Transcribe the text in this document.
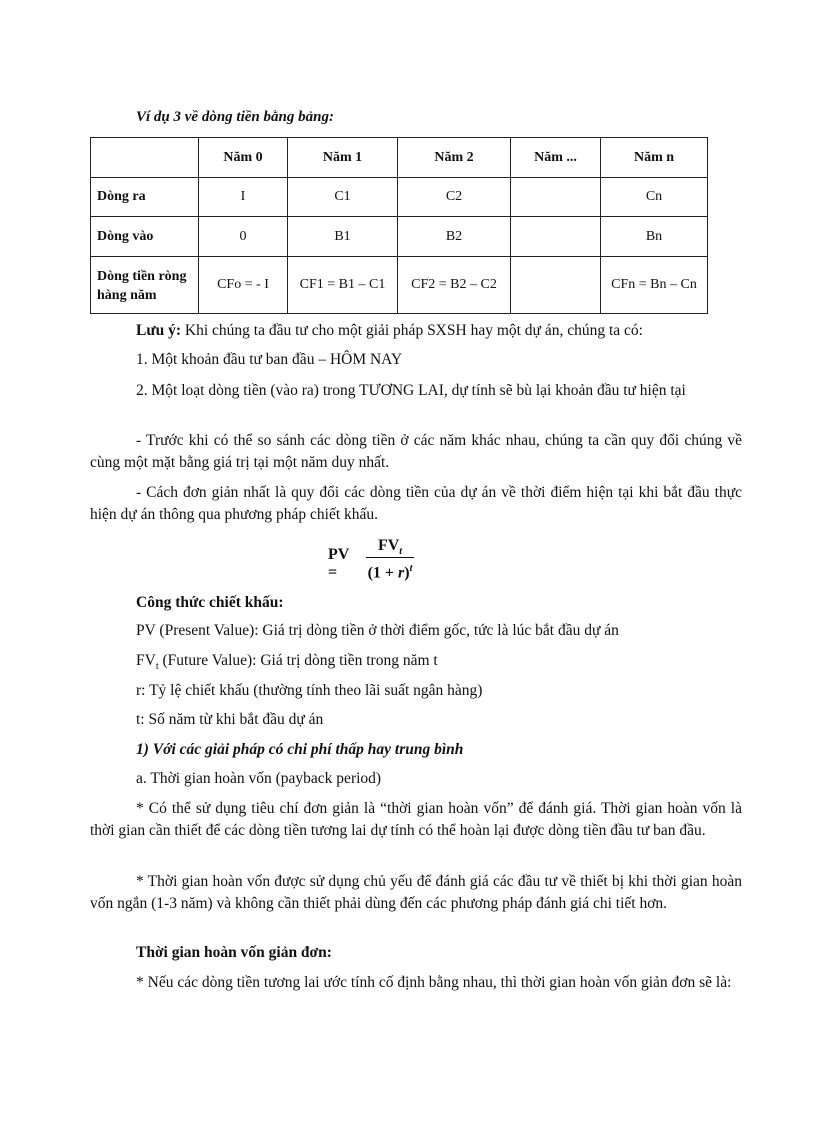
Ví dụ 3 về dòng tiền bằng bảng:
	Năm 0	Năm 1	Năm 2	Năm ...	Năm n
Dòng ra	I	C1	C2		Cn
Dòng vào	0	B1	B2		Bn
Dòng tiền ròng hàng năm	CFo = - I	CF1 = B1 – C1	CF2 = B2 – C2		CFn = Bn – Cn
Lưu ý: Khi chúng ta đầu tư cho một giải pháp SXSH hay một dự án, chúng ta có:
1. Một khoản đầu tư ban đầu – HÔM NAY
2. Một loạt dòng tiền (vào ra) trong TƯƠNG LAI, dự tính sẽ bù lại khoản đầu tư hiện tại
- Trước khi có thể so sánh các dòng tiền ở các năm khác nhau, chúng ta cần quy đổi chúng về cùng một mặt bằng giá trị tại một năm duy nhất.
- Cách đơn giản nhất là quy đổi các dòng tiền của dự án về thời điểm hiện tại khi bắt đầu thực hiện dự án thông qua phương pháp chiết khấu.
PV =
$FV_t$
$(1 + r)^t$
Công thức chiết khấu:
PV (Present Value): Giá trị dòng tiền ở thời điểm gốc, tức là lúc bắt đầu dự án
$FV_t$ (Future Value): Giá trị dòng tiền trong năm t
r: Tỷ lệ chiết khấu (thường tính theo lãi suất ngân hàng)
t: Số năm từ khi bắt đầu dự án
1) Với các giải pháp có chi phí thấp hay trung bình
a. Thời gian hoàn vốn (payback period)
* Có thể sử dụng tiêu chí đơn giản là “thời gian hoàn vốn” để đánh giá. Thời gian hoàn vốn là thời gian cần thiết để các dòng tiền tương lai dự tính có thể hoàn lại được dòng tiền đầu tư ban đầu.
* Thời gian hoàn vốn được sử dụng chủ yếu để đánh giá các đầu tư về thiết bị khi thời gian hoàn vốn ngắn (1-3 năm) và không cần thiết phải dùng đến các phương pháp đánh giá chi tiết hơn.
Thời gian hoàn vốn giản đơn:
* Nếu các dòng tiền tương lai ước tính cố định bằng nhau, thì thời gian hoàn vốn giản đơn sẽ là:
